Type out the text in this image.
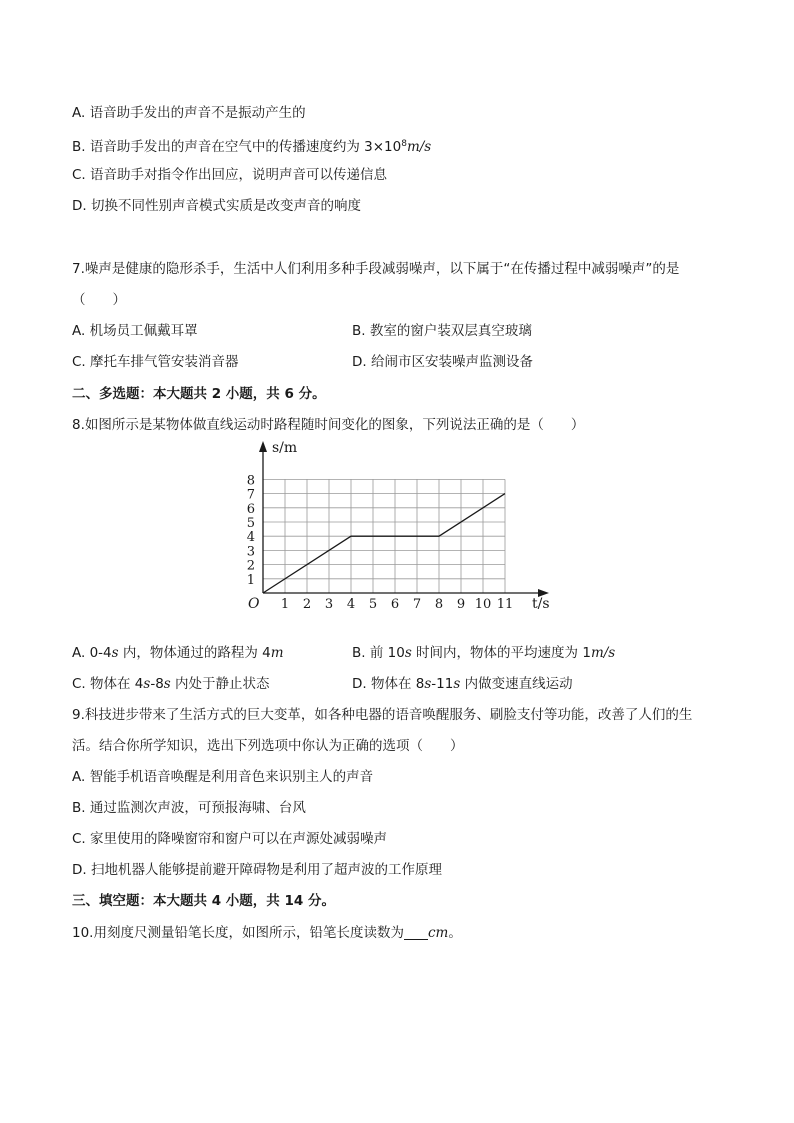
A. 语音助手发出的声音不是振动产生的
B. 语音助手发出的声音在空气中的传播速度约为 $3\times 10^8m/s$
C. 语音助手对指令作出回应，说明声音可以传递信息
D. 切换不同性别声音模式实质是改变声音的响度
7.噪声是健康的隐形杀手，生活中人们利用多种手段减弱噪声，以下属于“在传播过程中减弱噪声”的是
（　　）
A. 机场员工佩戴耳罩	B. 教室的窗户装双层真空玻璃
C. 摩托车排气管安装消音器	D. 给闹市区安装噪声监测设备
二、多选题：本大题共 2 小题，共 6 分。
8.如图所示是某物体做直线运动时路程随时间变化的图象，下列说法正确的是（　　）
1 2 3 4 5 6 7 8 9 10 11
1
2
3
4
5
6
7
8
s/m
t/s
O
A. 0-4s 内，物体通过的路程为 4m	B. 前 10s 时间内，物体的平均速度为 1m/s
C. 物体在 4s-8s 内处于静止状态	D. 物体在 8s-11s 内做变速直线运动
9.科技进步带来了生活方式的巨大变革，如各种电器的语音唤醒服务、刷脸支付等功能，改善了人们的生
活。结合你所学知识，选出下列选项中你认为正确的选项（　　）
A. 智能手机语音唤醒是利用音色来识别主人的声音
B. 通过监测次声波，可预报海啸、台风
C. 家里使用的降噪窗帘和窗户可以在声源处减弱噪声
D. 扫地机器人能够提前避开障碍物是利用了超声波的工作原理
三、填空题：本大题共 4 小题，共 14 分。
10.用刻度尺测量铅笔长度，如图所示，铅笔长度读数为 cm。
